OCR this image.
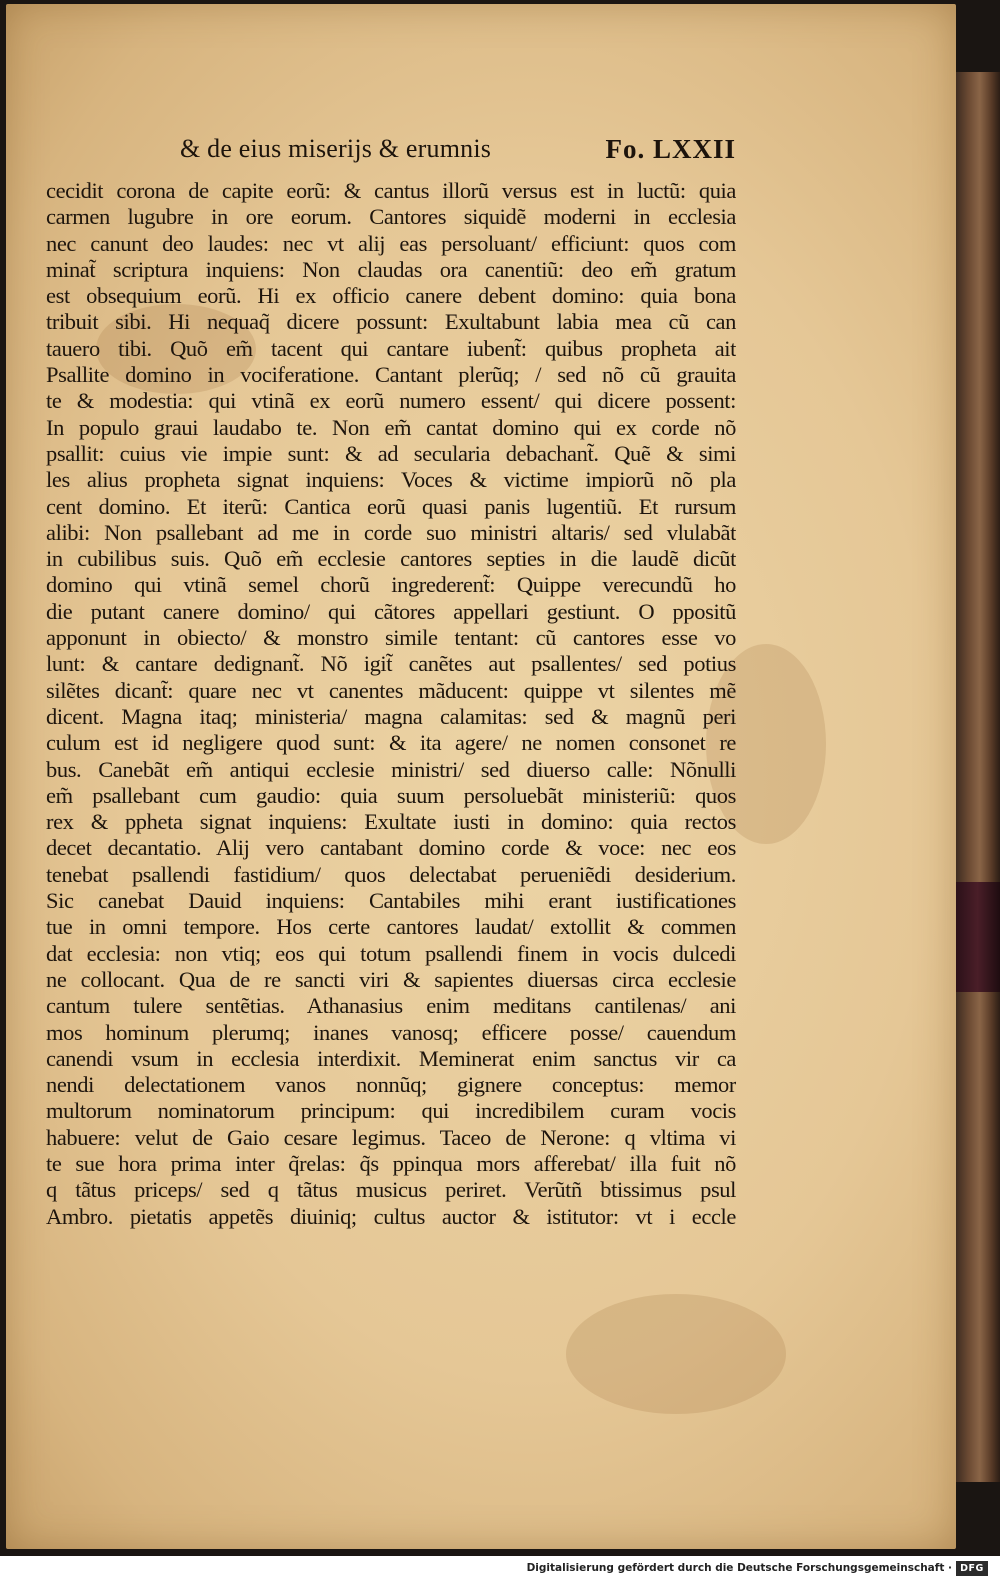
& de eius miserijs & erumnis	Fo. LXXII
cecidit corona de capite eorũ: & cantus illorũ versus est in luctũ: quia
carmen lugubre in ore eorum. Cantores siquidẽ moderni in ecclesia
nec canunt deo laudes: nec vt alij eas persoluant/ efficiunt: quos com
minat̃ scriptura inquiens: Non claudas ora canentiũ: deo em̃ gratum
est obsequium eorũ. Hi ex officio canere debent domino: quia bona
tribuit sibi. Hi nequaq̃ dicere possunt: Exultabunt labia mea cũ can
tauero tibi. Quõ em̃ tacent qui cantare iubent̃: quibus propheta ait
Psallite domino in vociferatione. Cantant plerũq; / sed nõ cũ grauita
te & modestia: qui vtinã ex eorũ numero essent/ qui dicere possent:
In populo graui laudabo te. Non em̃ cantat domino qui ex corde nõ
psallit: cuius vie impie sunt: & ad secularia debachant̃. Quẽ & simi
les alius propheta signat inquiens: Voces & victime impiorũ nõ pla
cent domino. Et iterũ: Cantica eorũ quasi panis lugentiũ. Et rursum
alibi: Non psallebant ad me in corde suo ministri altaris/ sed vlulabãt
in cubilibus suis. Quõ em̃ ecclesie cantores septies in die laudẽ dicũt
domino qui vtinã semel chorũ ingrederent̃: Quippe verecundũ ho
die putant canere domino/ qui cãtores appellari gestiunt. O ppositũ
apponunt in obiecto/ & monstro simile tentant: cũ cantores esse vo
lunt: & cantare dedignant̃. Nõ igit̃ canẽtes aut psallentes/ sed potius
silẽtes dicant̃: quare nec vt canentes mãducent: quippe vt silentes mẽ
dicent. Magna itaq; ministeria/ magna calamitas: sed & magnũ peri
culum est id negligere quod sunt: & ita agere/ ne nomen consonet re
bus. Canebãt em̃ antiqui ecclesie ministri/ sed diuerso calle: Nõnulli
em̃ psallebant cum gaudio: quia suum persoluebãt ministeriũ: quos
rex & ppheta signat inquiens: Exultate iusti in domino: quia rectos
decet decantatio. Alij vero cantabant domino corde & voce: nec eos
tenebat psallendi fastidium/ quos delectabat perueniẽdi desiderium.
Sic canebat Dauid inquiens: Cantabiles mihi erant iustificationes
tue in omni tempore. Hos certe cantores laudat/ extollit & commen
dat ecclesia: non vtiq; eos qui totum psallendi finem in vocis dulcedi
ne collocant. Qua de re sancti viri & sapientes diuersas circa ecclesie
cantum tulere sentẽtias. Athanasius enim meditans cantilenas/ ani
mos hominum plerumq; inanes vanosq; efficere posse/ cauendum
canendi vsum in ecclesia interdixit. Meminerat enim sanctus vir ca
nendi delectationem vanos nonnũq; gignere conceptus: memor
multorum nominatorum principum: qui incredibilem curam vocis
habuere: velut de Gaio cesare legimus. Taceo de Nerone: q vltima vi
te sue hora prima inter q̃relas: q̃s ppinqua mors afferebat/ illa fuit nõ
q tãtus priceps/ sed q tãtus musicus periret. Verũtñ btissimus psul
Ambro. pietatis appetẽs diuiniq; cultus auctor & istitutor: vt i eccle
Digitalisierung gefördert durch die Deutsche Forschungsgemeinschaft · DFG
